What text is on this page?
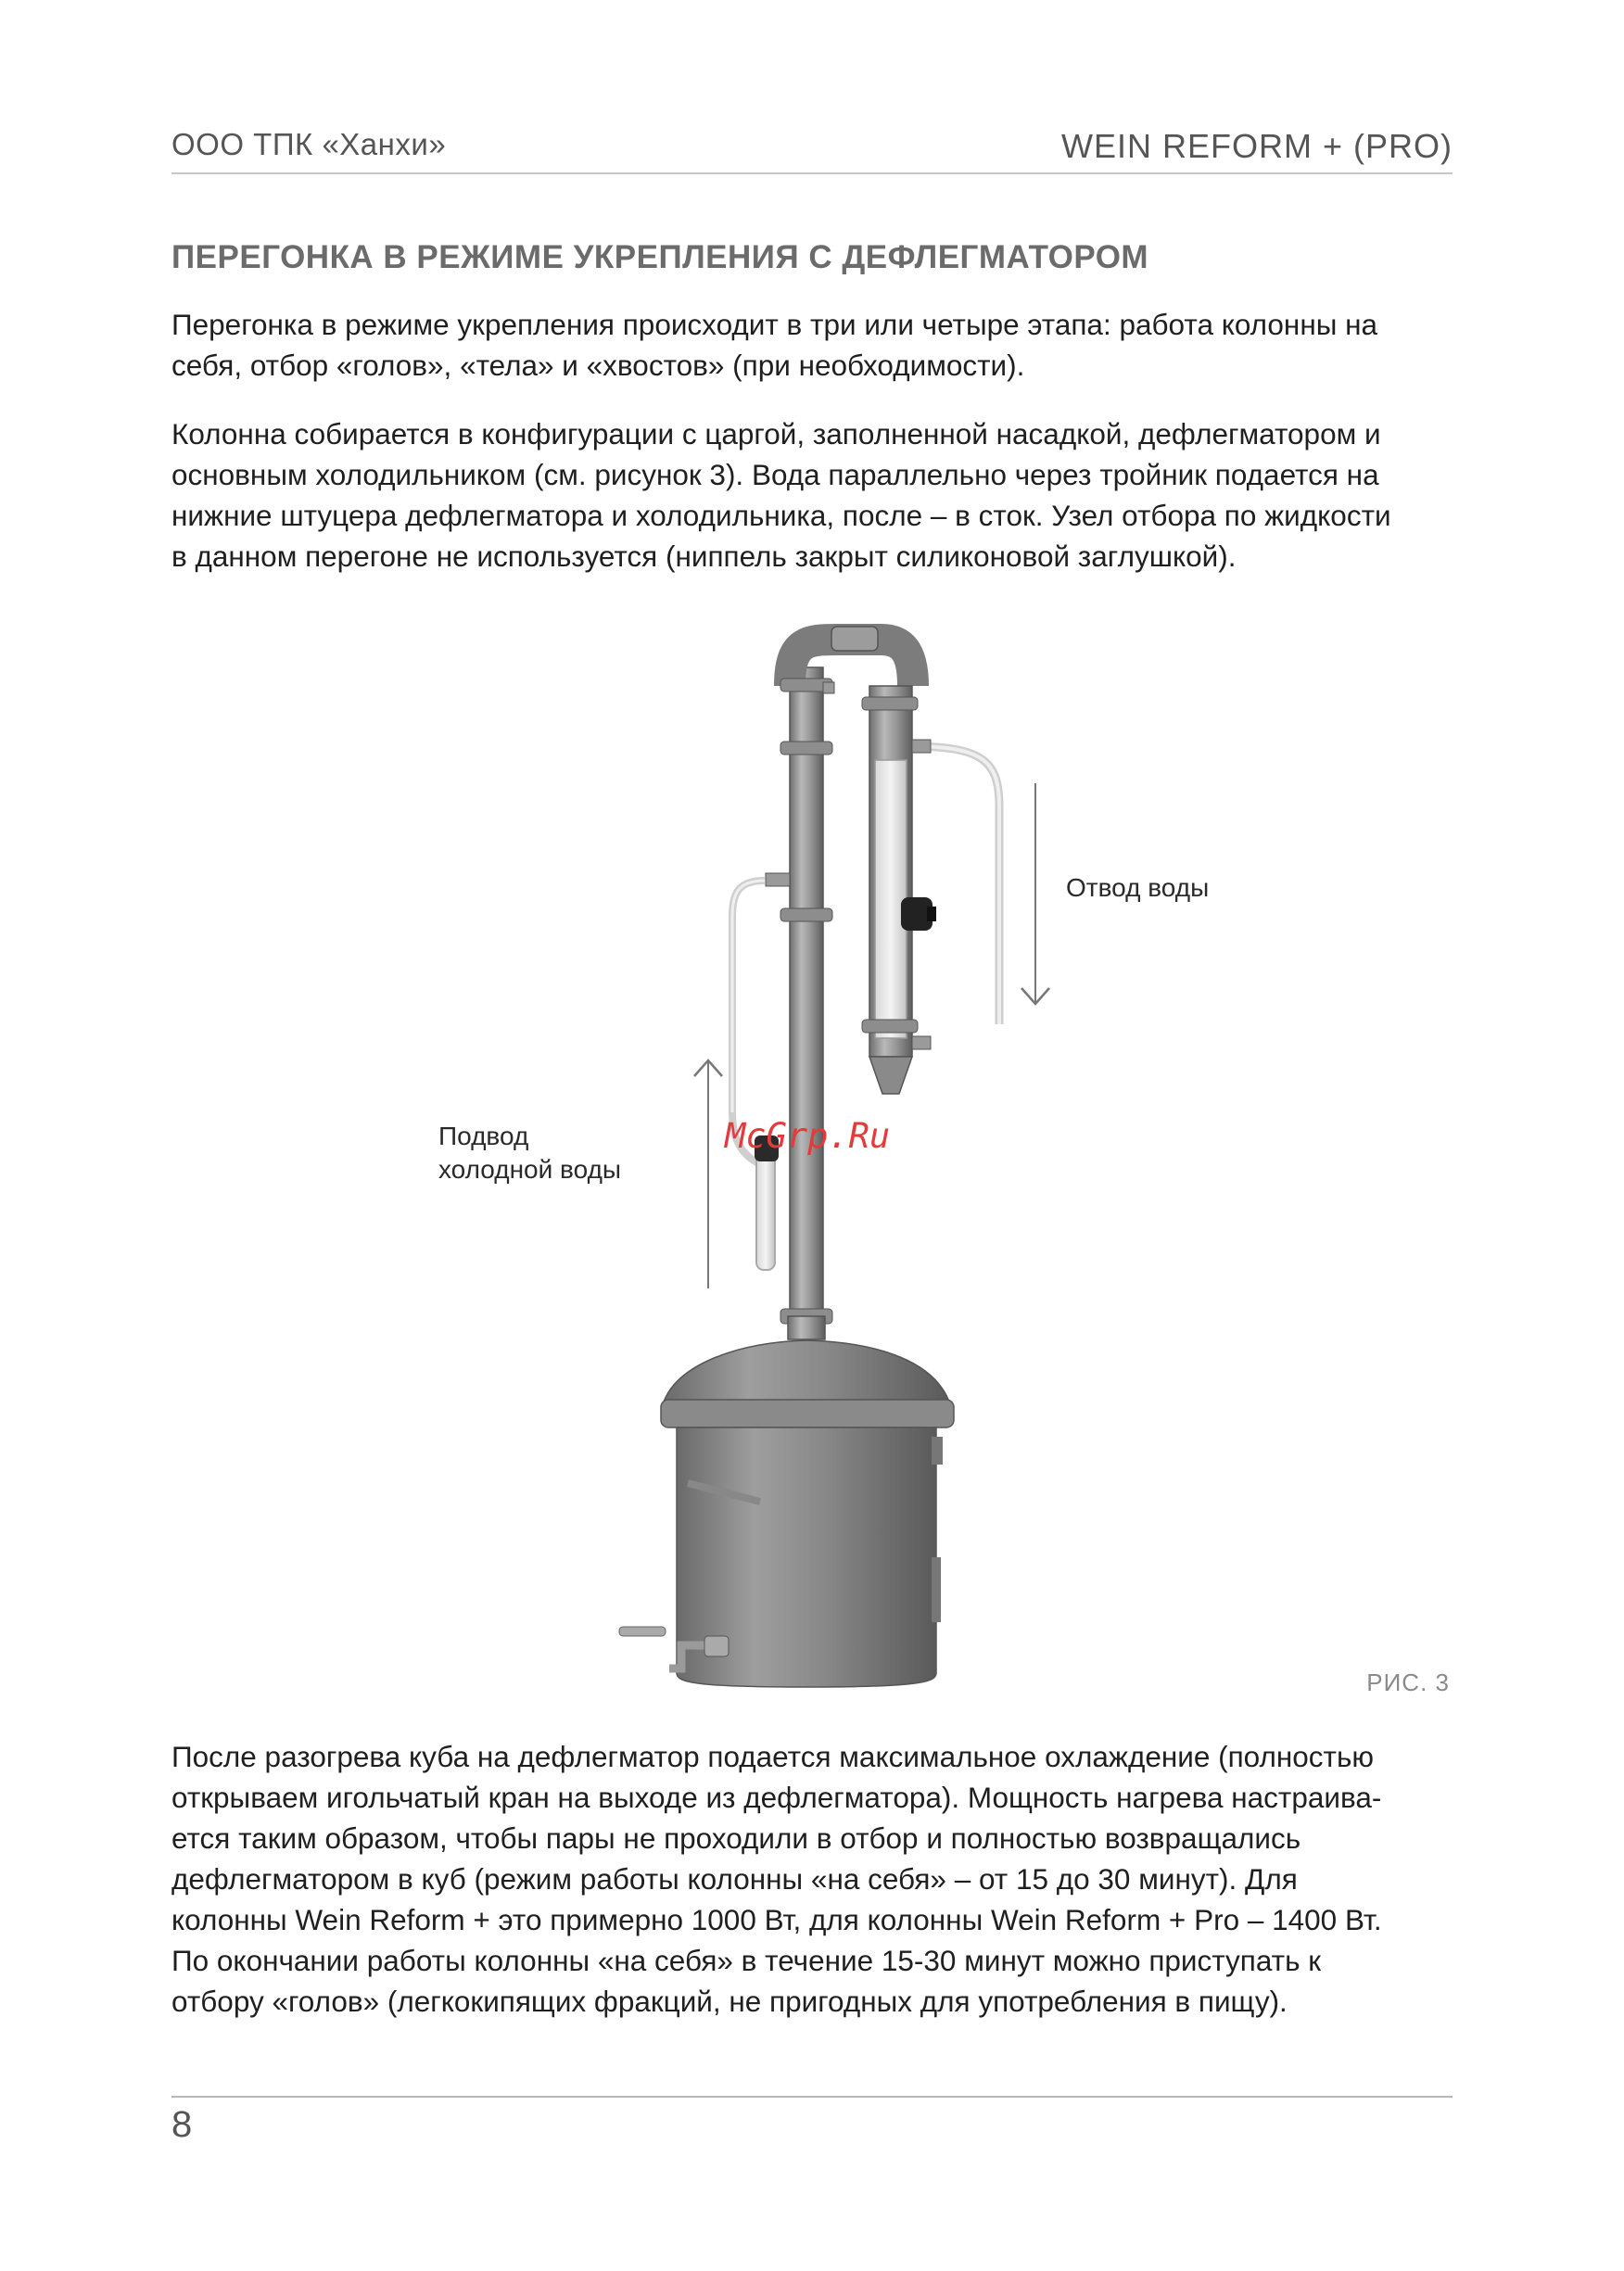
ООО ТПК «Ханхи»	WEIN REFORM + (PRO)
ПЕРЕГОНКА В РЕЖИМЕ УКРЕПЛЕНИЯ С ДЕФЛЕГМАТОРОМ

Перегонка в режиме укрепления происходит в три или четыре этапа: работа колонны на
себя, отбор «голов», «тела» и «хвостов» (при необходимости).

Колонна собирается в конфигурации с царгой, заполненной насадкой, дефлегматором и
основным холодильником (см. рисунок 3). Вода параллельно через тройник подается на
нижние штуцера дефлегматора и холодильника, после – в сток. Узел отбора по жидкости
в данном перегоне не используется (ниппель закрыт силиконовой заглушкой).

Отвод воды
Подвод
холодной воды
McGrp.Ru
РИС. 3

После разогрева куба на дефлегматор подается максимальное охлаждение (полностью
открываем игольчатый кран на выходе из дефлегматора). Мощность нагрева настраива-
ется таким образом, чтобы пары не проходили в отбор и полностью возвращались
дефлегматором в куб (режим работы колонны «на себя» – от 15 до 30 минут). Для
колонны Wein Reform + это примерно 1000 Вт, для колонны Wein Reform + Pro – 1400 Вт.
По окончании работы колонны «на себя» в течение 15-30 минут можно приступать к
отбору «голов» (легкокипящих фракций, не пригодных для употребления в пищу).

8
